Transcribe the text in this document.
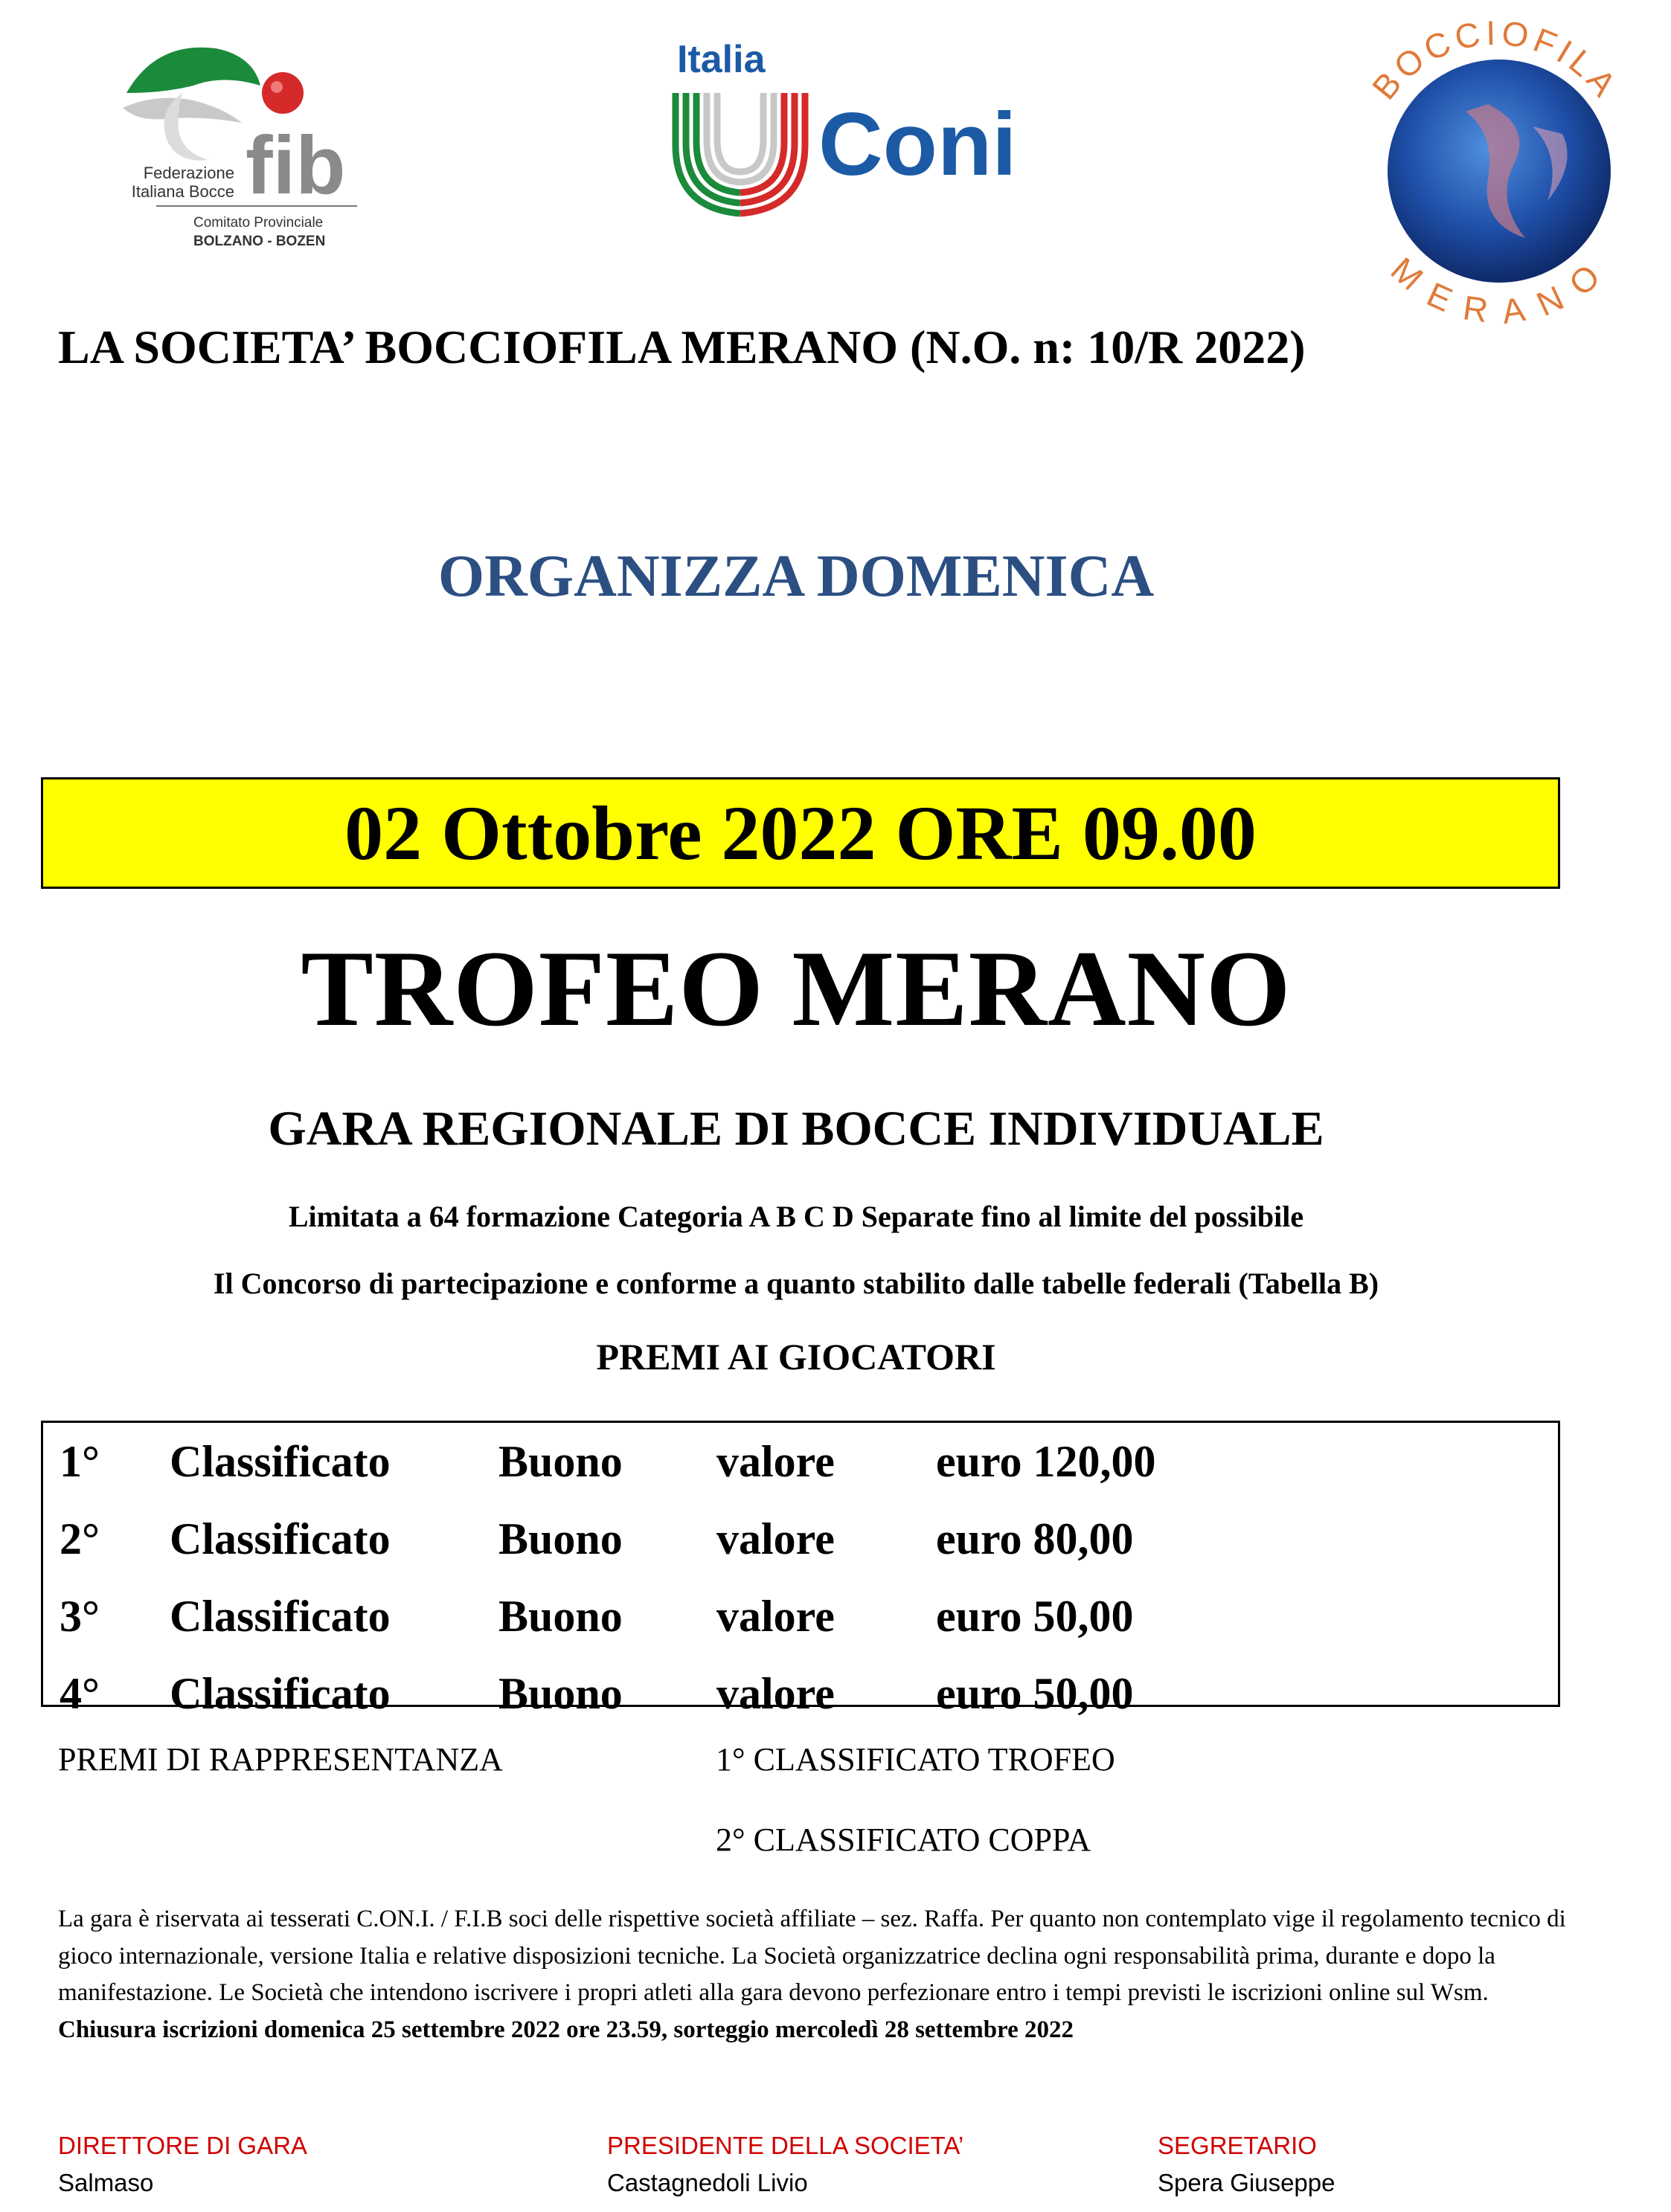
fib
Federazione
Italiana Bocce
Comitato Provinciale
BOLZANO - BOZEN
Italia
Coni
BOCCIOFILA
MERANO
LA SOCIETA’ BOCCIOFILA MERANO (N.O. n: 10/R 2022)
ORGANIZZA DOMENICA
02 Ottobre 2022 ORE 09.00
TROFEO MERANO
GARA REGIONALE DI BOCCE INDIVIDUALE
Limitata a 64 formazione Categoria A B C D Separate fino al limite del possibile
Il Concorso di partecipazione e conforme a quanto stabilito dalle tabelle federali (Tabella B)
PREMI AI GIOCATORI
1° Classificato Buono valore euro 120,00
2° Classificato Buono valore euro 80,00
3° Classificato Buono valore euro 50,00
4° Classificato Buono valore euro 50,00
PREMI DI RAPPRESENTANZA	1° CLASSIFICATO TROFEO
2° CLASSIFICATO COPPA
La gara è riservata ai tesserati C.ON.I. / F.I.B soci delle rispettive società affiliate – sez. Raffa. Per quanto non contemplato vige il regolamento tecnico di gioco internazionale, versione Italia e relative disposizioni tecniche. La Società organizzatrice declina ogni responsabilità prima, durante e dopo la manifestazione. Le Società che intendono iscrivere i propri atleti alla gara devono perfezionare entro i tempi previsti le iscrizioni online sul Wsm. Chiusura iscrizioni domenica 25 settembre 2022 ore 23.59, sorteggio mercoledì 28 settembre 2022
DIRETTORE DI GARA
Salmaso
PRESIDENTE DELLA SOCIETA’
Castagnedoli Livio
SEGRETARIO
Spera Giuseppe
